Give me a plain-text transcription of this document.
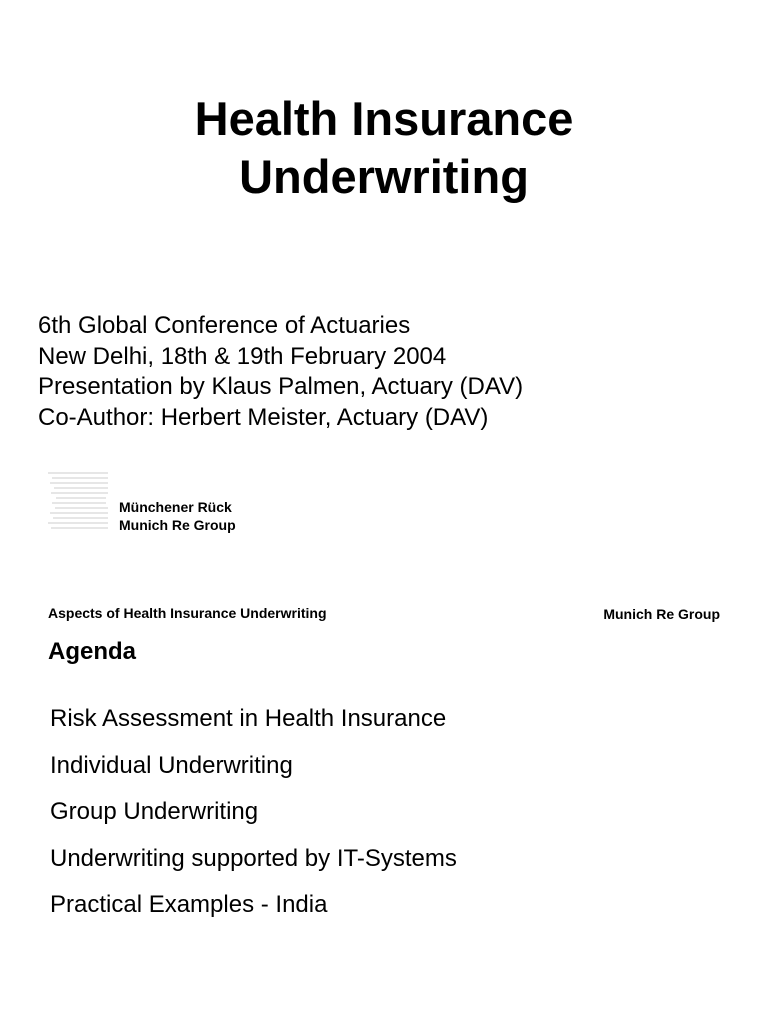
Health Insurance
Underwriting
6th Global Conference of Actuaries
New Delhi, 18th & 19th February 2004
Presentation by Klaus Palmen, Actuary (DAV)
Co-Author: Herbert Meister, Actuary (DAV)
Münchener Rück
Munich Re Group
Aspects of Health Insurance Underwriting	Munich Re Group
Agenda
Risk Assessment in Health Insurance
Individual Underwriting
Group Underwriting
Underwriting supported by IT-Systems
Practical Examples - India
